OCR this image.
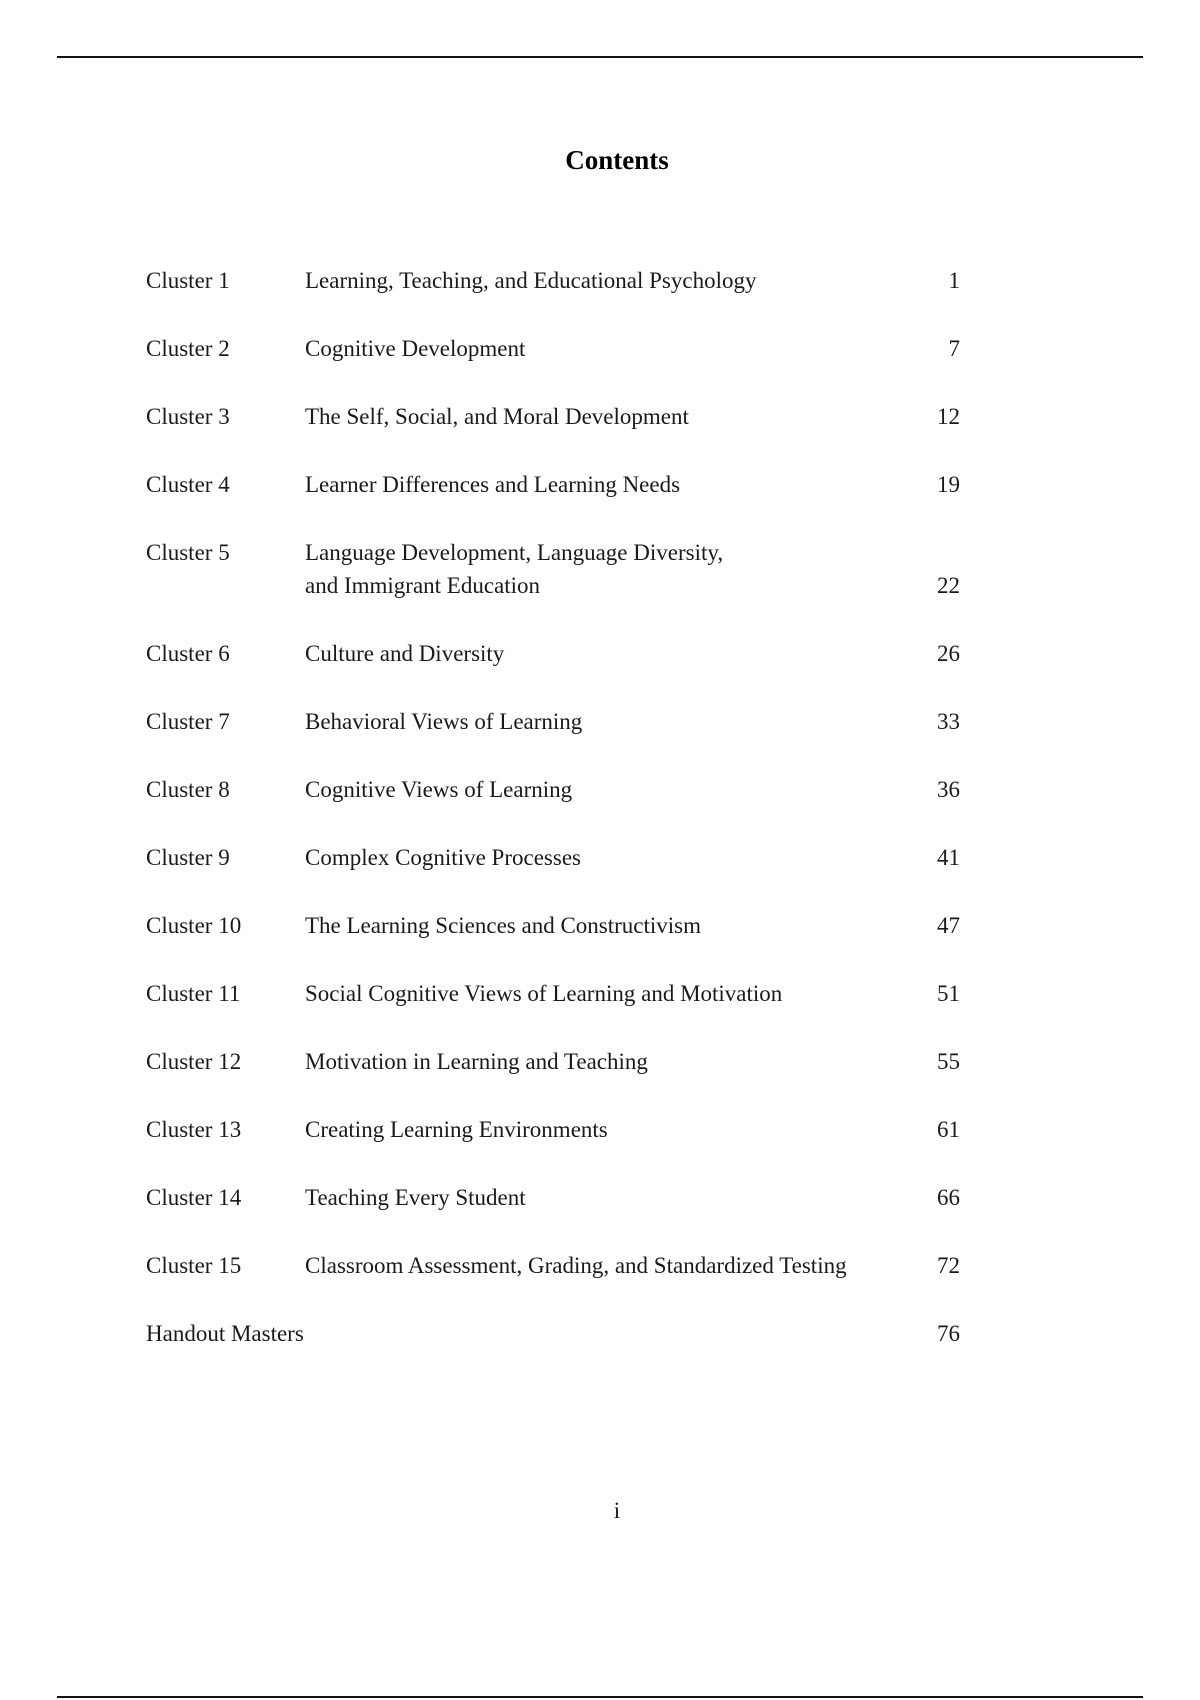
Contents
Cluster 1	Learning, Teaching, and Educational Psychology	1
Cluster 2	Cognitive Development	7
Cluster 3	The Self, Social, and Moral Development	12
Cluster 4	Learner Differences and Learning Needs	19
Cluster 5	Language Development, Language Diversity,
and Immigrant Education	22
Cluster 6	Culture and Diversity	26
Cluster 7	Behavioral Views of Learning	33
Cluster 8	Cognitive Views of Learning	36
Cluster 9	Complex Cognitive Processes	41
Cluster 10	The Learning Sciences and Constructivism	47
Cluster 11	Social Cognitive Views of Learning and Motivation	51
Cluster 12	Motivation in Learning and Teaching	55
Cluster 13	Creating Learning Environments	61
Cluster 14	Teaching Every Student	66
Cluster 15	Classroom Assessment, Grading, and Standardized Testing	72
Handout Masters	76
i
